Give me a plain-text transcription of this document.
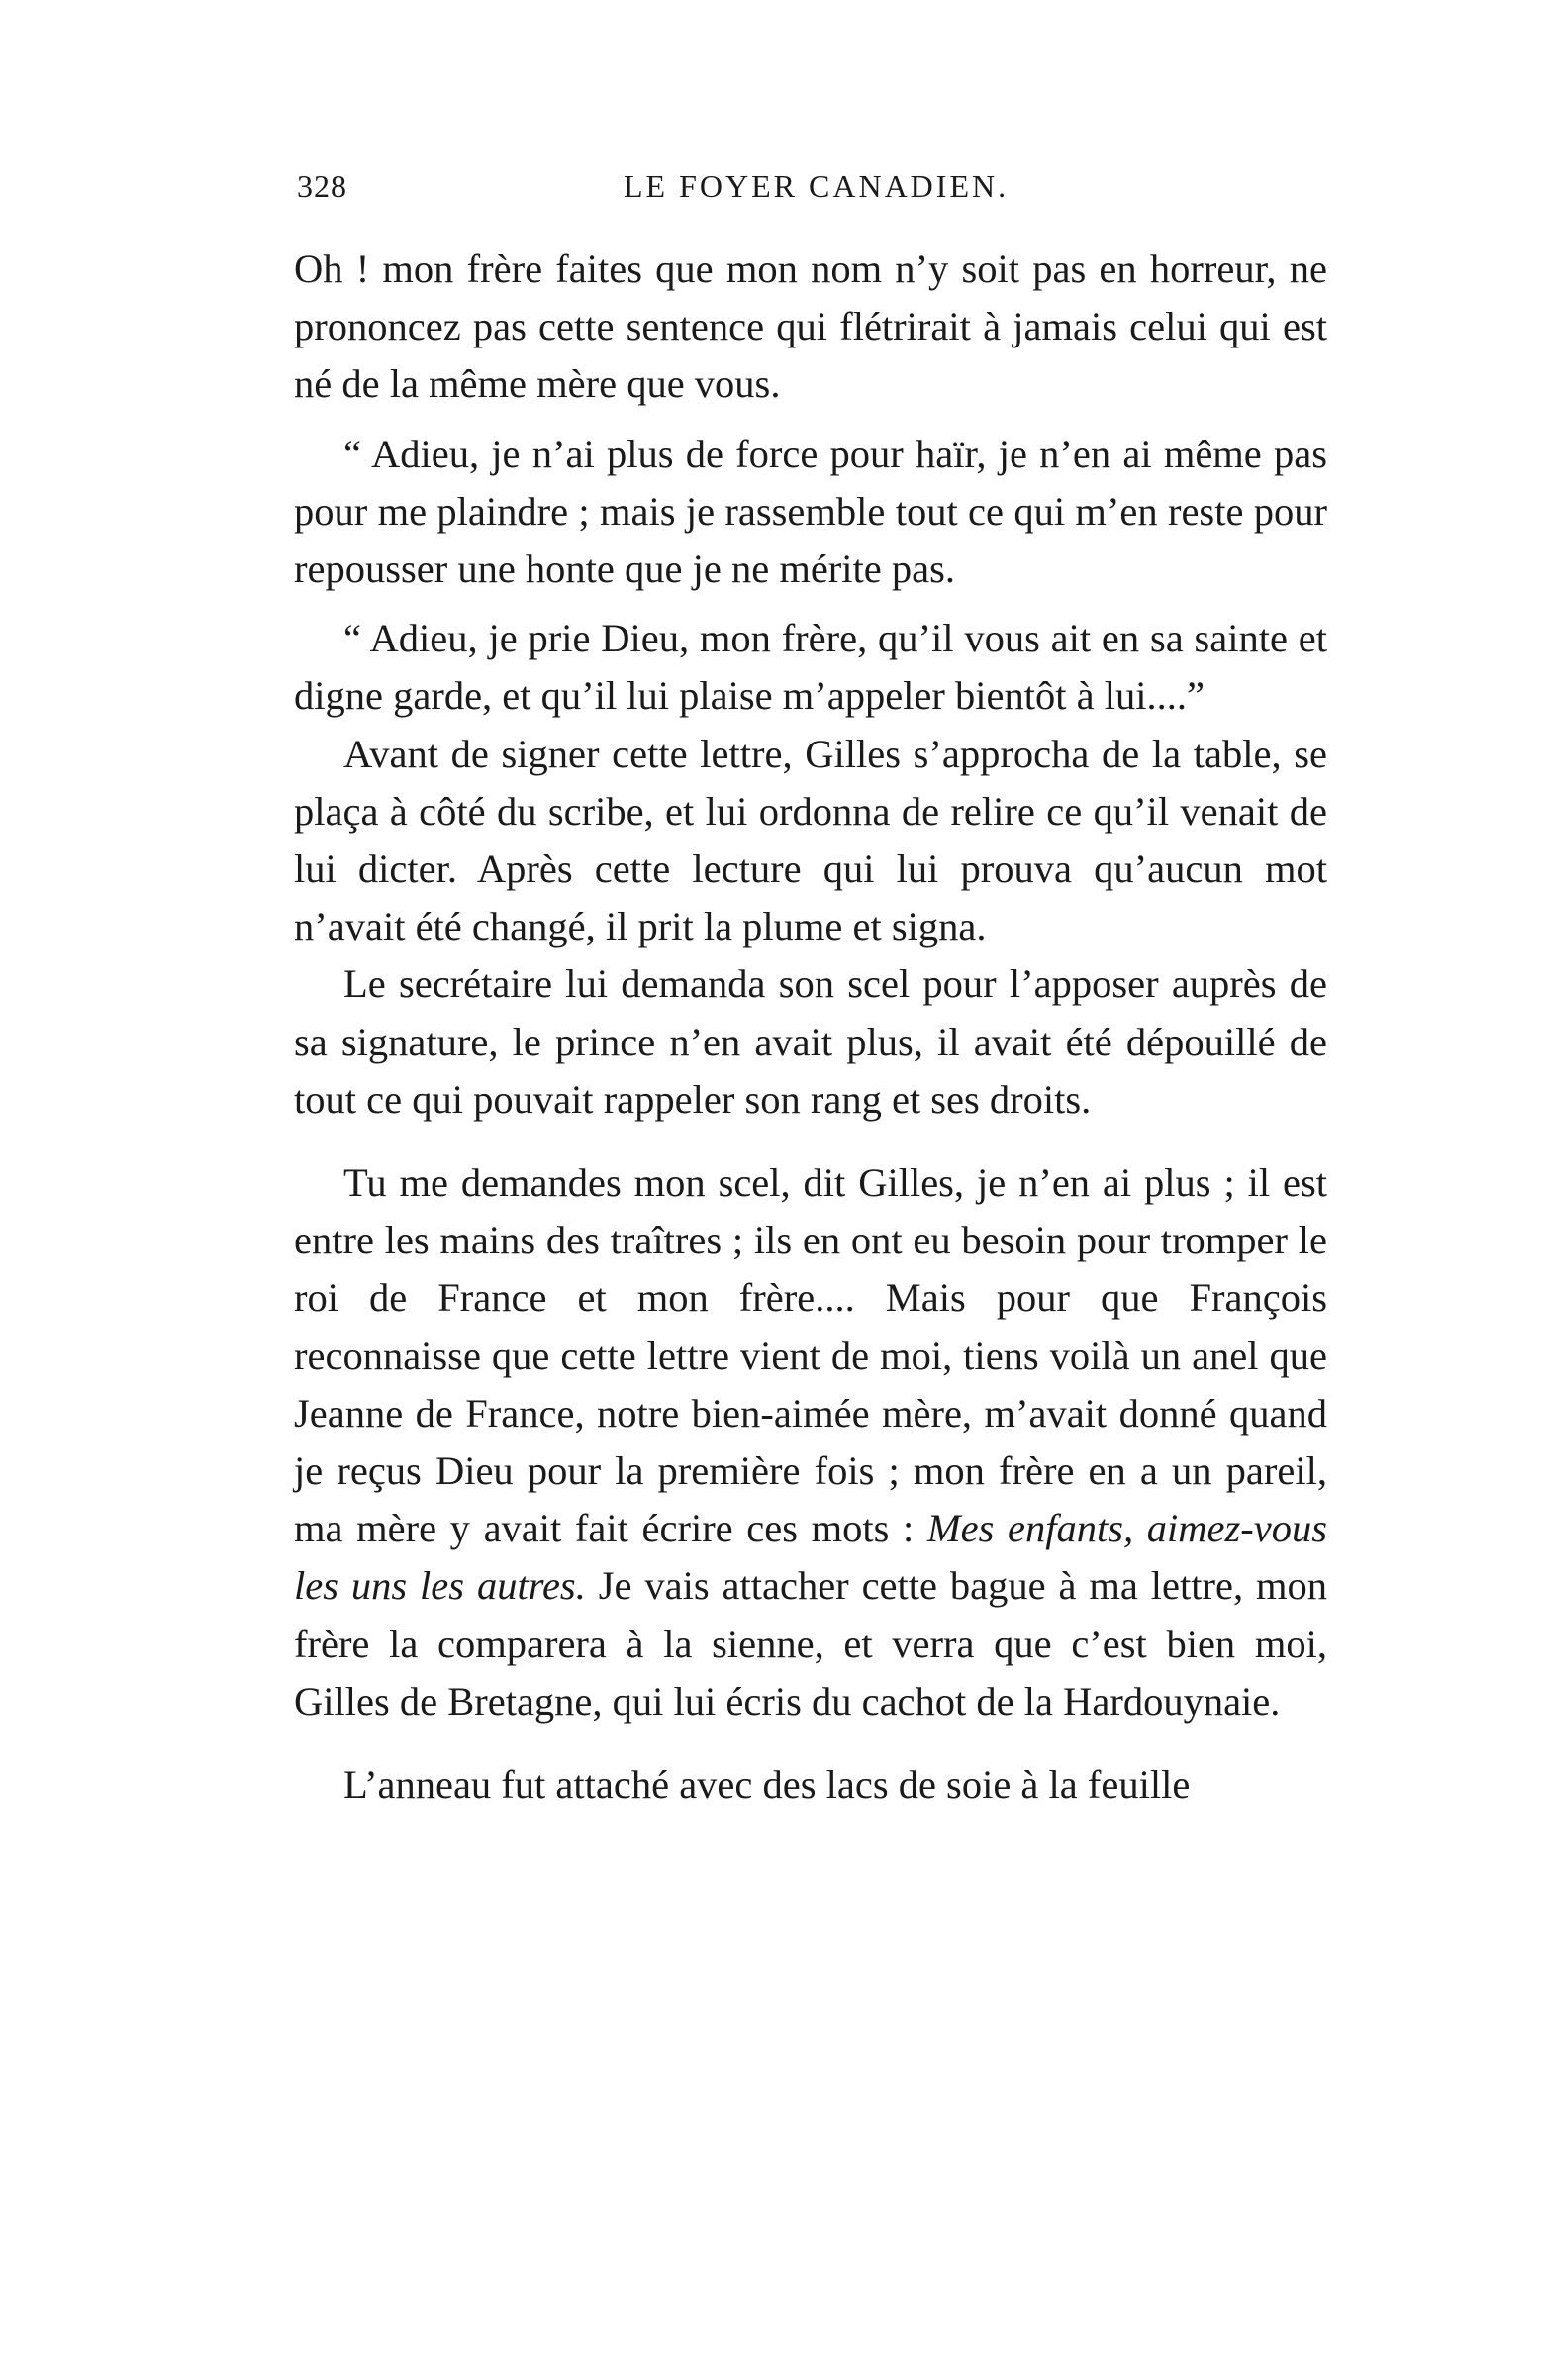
328	LE FOYER CANADIEN.

Oh ! mon frère faites que mon nom n’y soit pas en horreur, ne prononcez pas cette sentence qui flétrirait à jamais celui qui est né de la même mère que vous.

“ Adieu, je n’ai plus de force pour haïr, je n’en ai même pas pour me plaindre ; mais je rassemble tout ce qui m’en reste pour repousser une honte que je ne mérite pas.

“ Adieu, je prie Dieu, mon frère, qu’il vous ait en sa sainte et digne garde, et qu’il lui plaise m’appeler bientôt à lui....”

Avant de signer cette lettre, Gilles s’approcha de la table, se plaça à côté du scribe, et lui ordonna de relire ce qu’il venait de lui dicter. Après cette lecture qui lui prouva qu’aucun mot n’avait été changé, il prit la plume et signa.

Le secrétaire lui demanda son scel pour l’apposer auprès de sa signature, le prince n’en avait plus, il avait été dépouillé de tout ce qui pouvait rappeler son rang et ses droits.

Tu me demandes mon scel, dit Gilles, je n’en ai plus ; il est entre les mains des traîtres ; ils en ont eu besoin pour tromper le roi de France et mon frère.... Mais pour que François reconnaisse que cette lettre vient de moi, tiens voilà un anel que Jeanne de France, notre bien-aimée mère, m’avait donné quand je reçus Dieu pour la première fois ; mon frère en a un pareil, ma mère y avait fait écrire ces mots : Mes enfants, aimez-vous les uns les autres. Je vais attacher cette bague à ma lettre, mon frère la comparera à la sienne, et verra que c’est bien moi, Gilles de Bretagne, qui lui écris du cachot de la Hardouynaie.

L’anneau fut attaché avec des lacs de soie à la feuille
